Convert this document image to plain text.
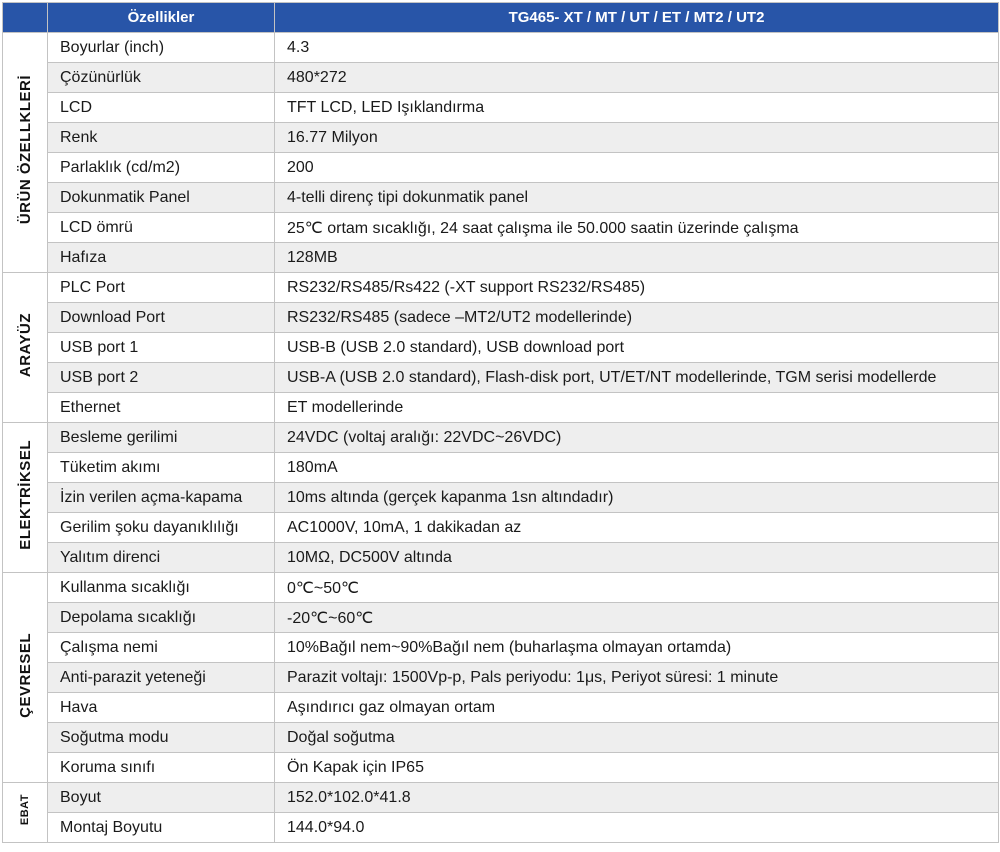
	Özellikler	TG465- XT / MT / UT / ET / MT2 / UT2
ÜRÜN ÖZELLKLERİ	Boyurlar (inch)	4.3
	Çözünürlük	480*272
	LCD	TFT LCD, LED Işıklandırma
	Renk	16.77 Milyon
	Parlaklık (cd/m2)	200
	Dokunmatik Panel	4-telli direnç tipi dokunmatik panel
	LCD ömrü	25℃ ortam sıcaklığı, 24 saat çalışma ile 50.000 saatin üzerinde çalışma
	Hafıza	128MB
ARAYÜZ	PLC Port	RS232/RS485/Rs422 (-XT support RS232/RS485)
	Download Port	RS232/RS485 (sadece –MT2/UT2 modellerinde)
	USB port 1	USB-B (USB 2.0 standard), USB download port
	USB port 2	USB-A (USB 2.0 standard), Flash-disk port, UT/ET/NT modellerinde, TGM serisi modellerde
	Ethernet	ET modellerinde
ELEKTRİKSEL	Besleme gerilimi	24VDC (voltaj aralığı: 22VDC~26VDC)
	Tüketim akımı	180mA
	İzin verilen açma-kapama	10ms altında (gerçek kapanma 1sn altındadır)
	Gerilim şoku dayanıklılığı	AC1000V, 10mA, 1 dakikadan az
	Yalıtım direnci	10MΩ, DC500V altında
ÇEVRESEL	Kullanma sıcaklığı	0℃~50℃
	Depolama sıcaklığı	-20℃~60℃
	Çalışma nemi	10%Bağıl nem~90%Bağıl nem (buharlaşma olmayan ortamda)
	Anti-parazit yeteneği	Parazit voltajı: 1500Vp-p, Pals periyodu: 1μs, Periyot süresi: 1 minute
	Hava	Aşındırıcı gaz olmayan ortam
	Soğutma modu	Doğal soğutma
	Koruma sınıfı	Ön Kapak için IP65
EBAT	Boyut	152.0*102.0*41.8
	Montaj Boyutu	144.0*94.0
